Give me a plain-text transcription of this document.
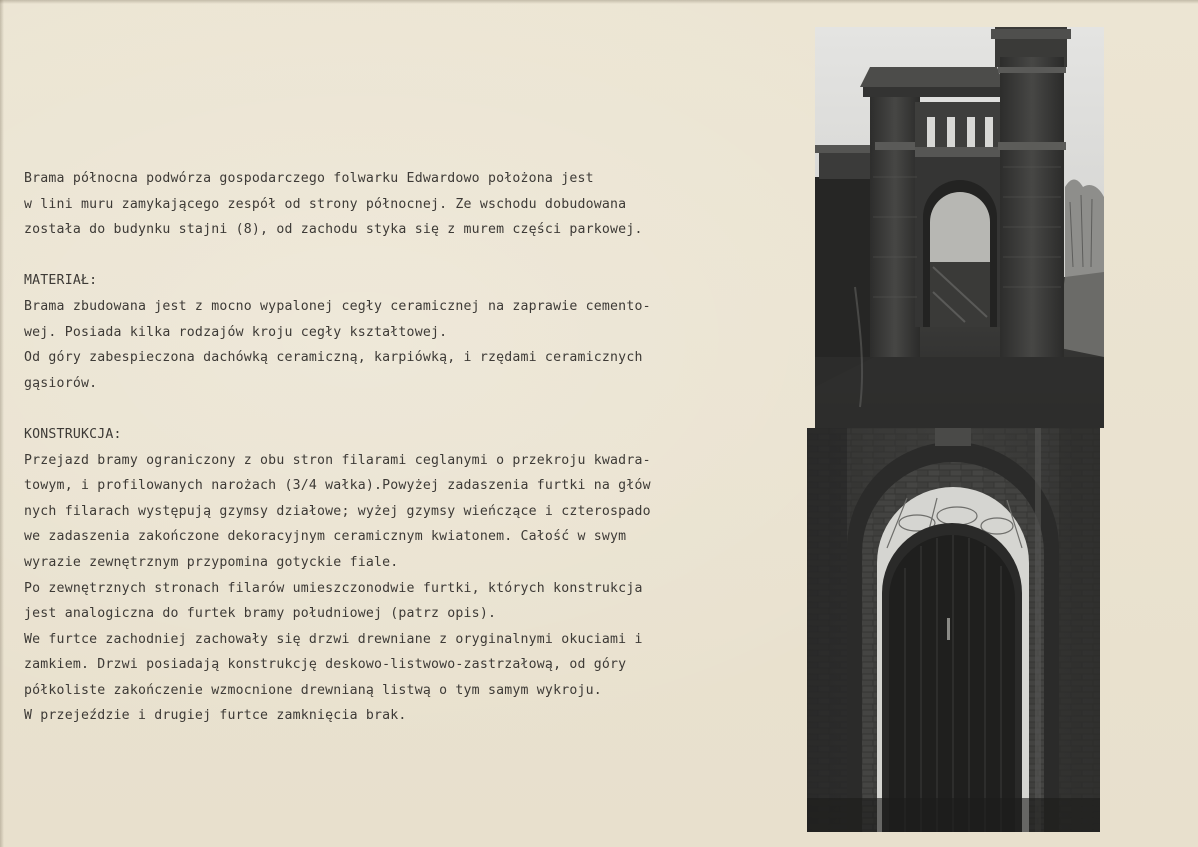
Brama północna podwórza gospodarczego folwarku Edwardowo położona jest
w lini muru zamykającego zespół od strony północnej. Ze wschodu dobudowana
została do budynku stajni (8), od zachodu styka się z murem części parkowej.
MATERIAŁ:
Brama zbudowana jest z mocno wypalonej cegły ceramicznej na zaprawie cemento-
wej. Posiada kilka rodzajów kroju cegły kształtowej.
Od góry zabespieczona dachówką ceramiczną, karpiówką, i rzędami ceramicznych
gąsiorów.
KONSTRUKCJA:
Przejazd bramy ograniczony z obu stron filarami ceglanymi o przekroju kwadra-
towym, i profilowanych narożach (3/4 wałka).Powyżej zadaszenia furtki na głów
nych filarach występują gzymsy działowe; wyżej gzymsy wieńczące i czterospado
we zadaszenia zakończone dekoracyjnym ceramicznym kwiatonem. Całość w swym
wyrazie zewnętrznym przypomina gotyckie fiale.
Po zewnętrznych stronach filarów umieszczonodwie furtki, których konstrukcja
jest analogiczna do furtek bramy południowej (patrz opis).
We furtce zachodniej zachowały się drzwi drewniane z oryginalnymi okuciami i
zamkiem. Drzwi posiadają konstrukcję deskowo-listwowo-zastrzałową, od góry
półkoliste zakończenie wzmocnione drewnianą listwą o tym samym wykroju.
W przejeździe i drugiej furtce zamknięcia brak.
